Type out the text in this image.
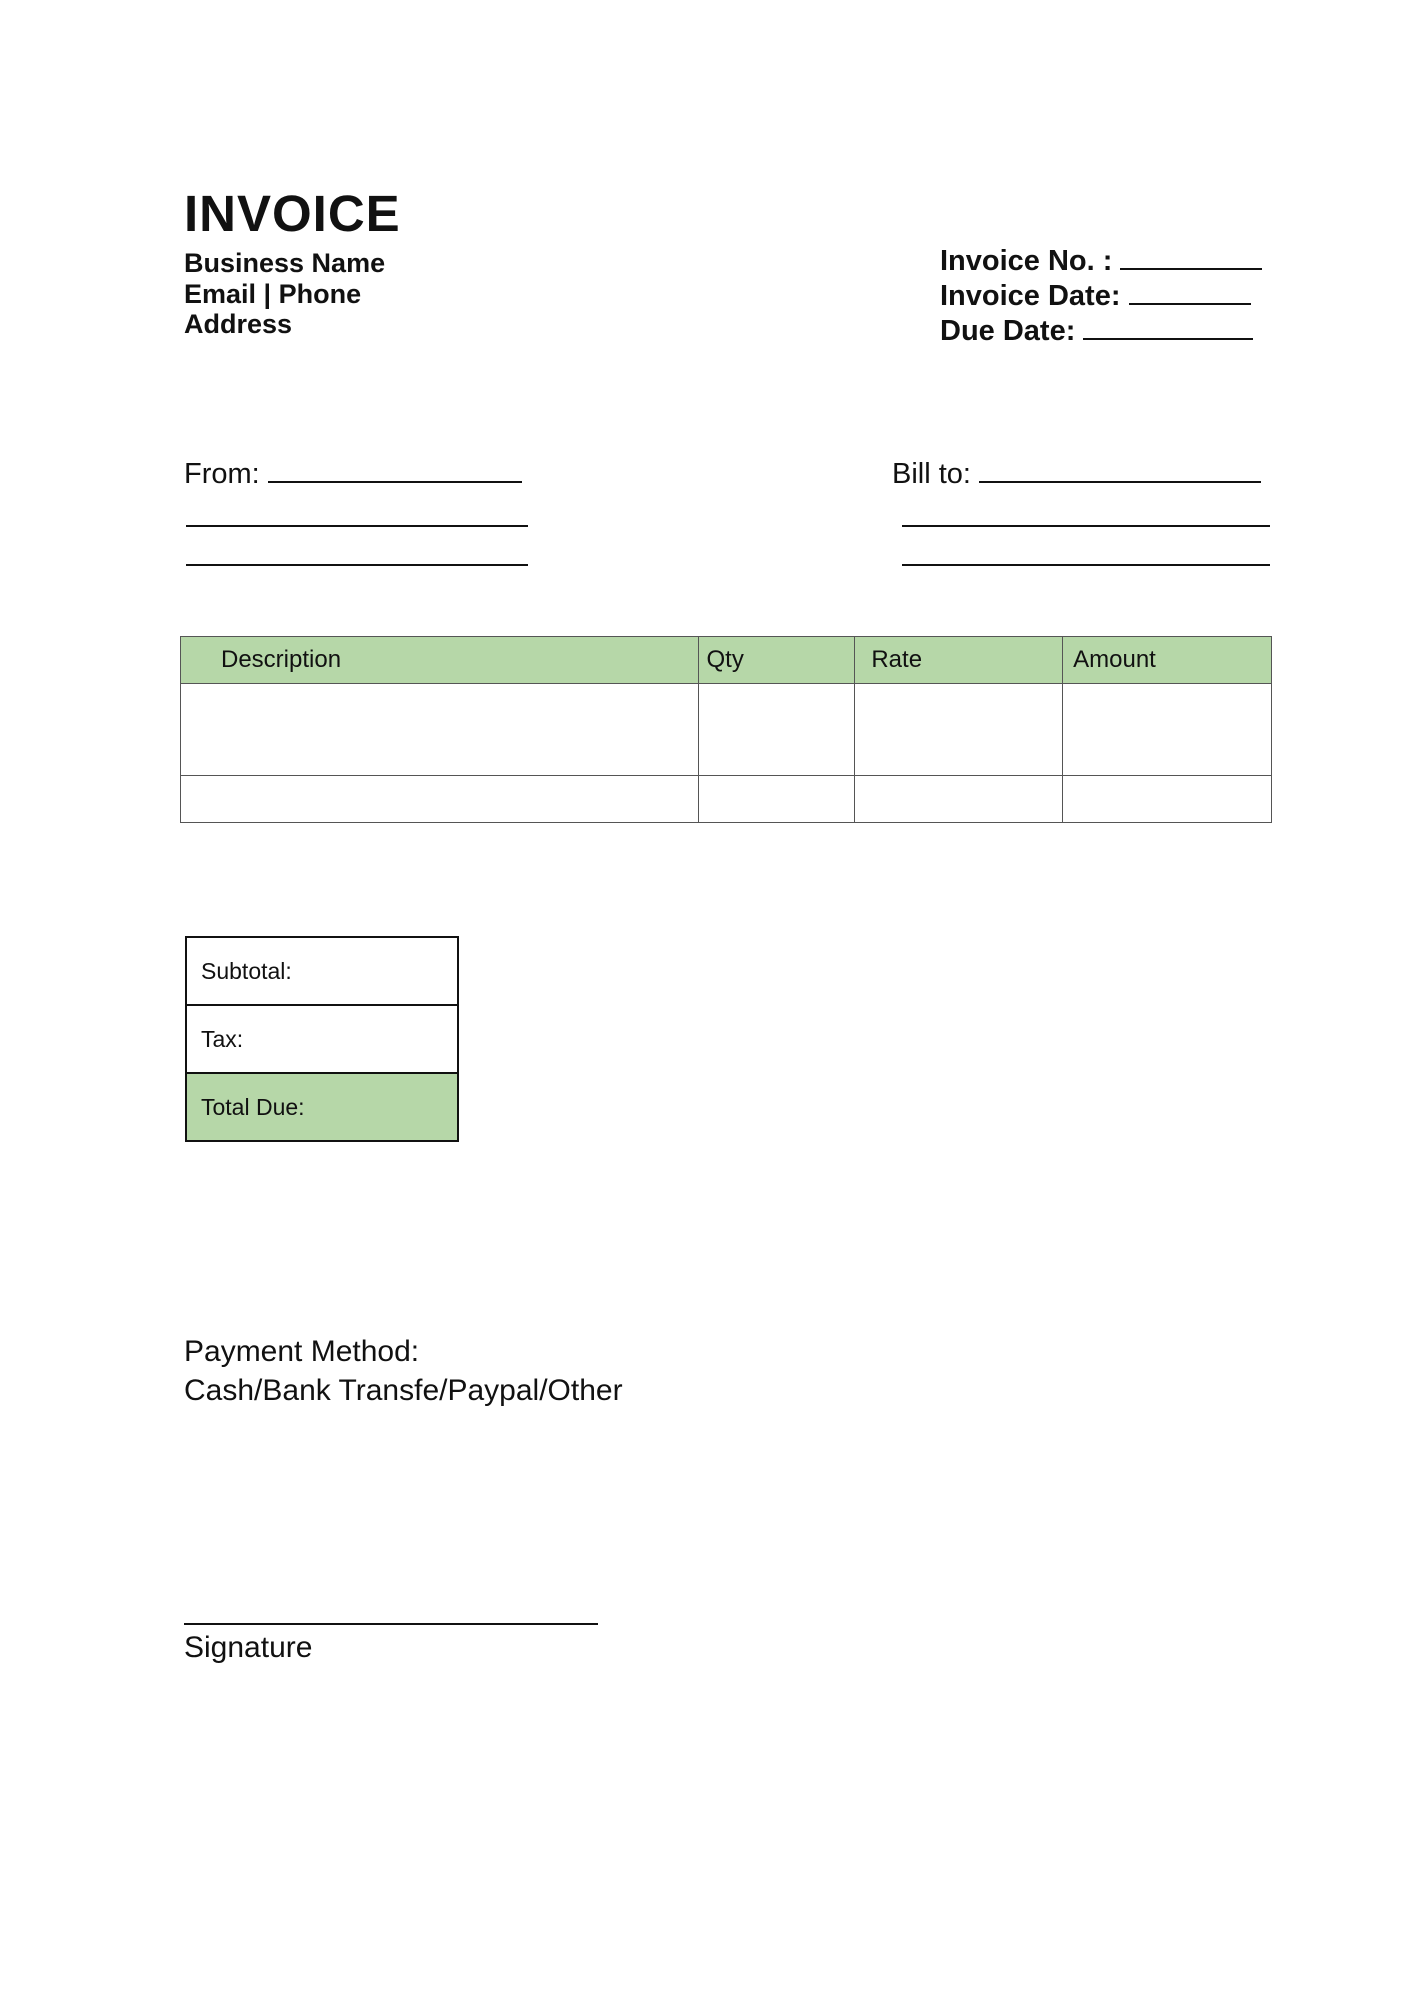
INVOICE
Business Name
Email | Phone
Address
Invoice No. :
Invoice Date:
Due Date:
From:	Bill to:
Description	Qty	Rate	Amount

Subtotal:
Tax:
Total Due:
Payment Method:
Cash/Bank Transfe/Paypal/Other
Signature
